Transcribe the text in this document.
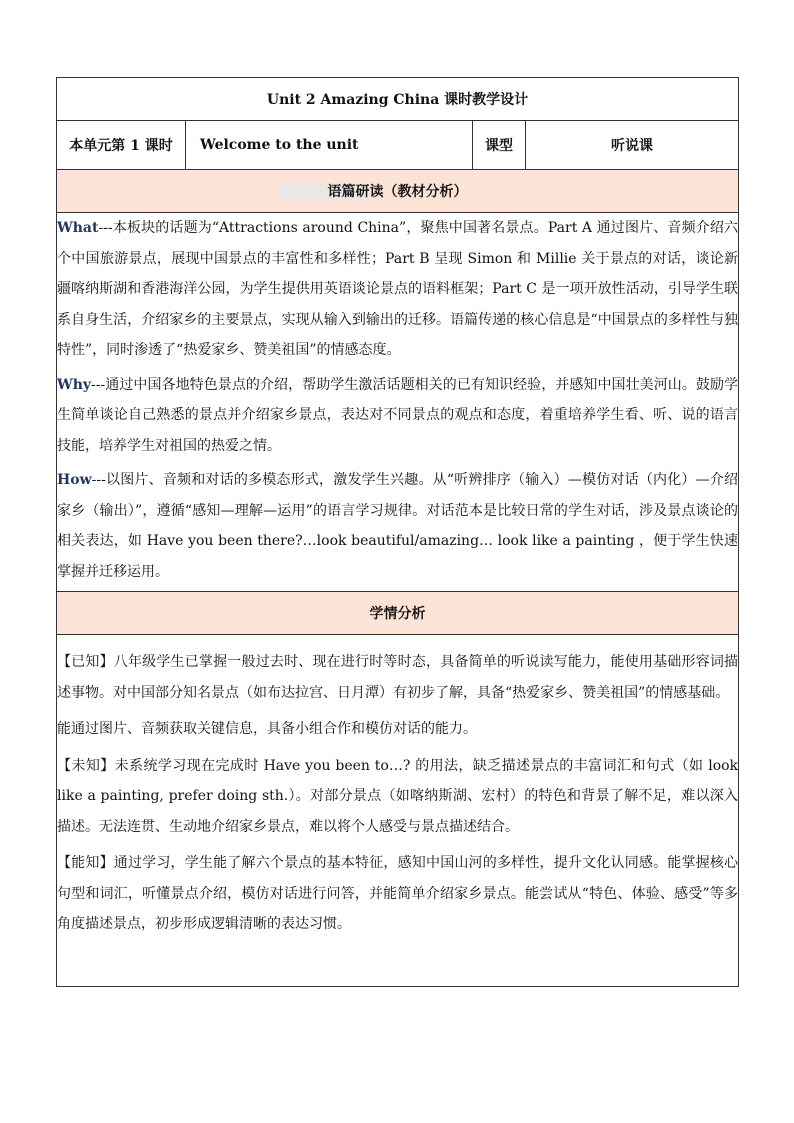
Unit 2 Amazing China 课时教学设计
本单元第 1 课时	Welcome to the unit	课型	听说课

语篇研读（教材分析）

What---本板块的话题为“Attractions around China”，聚焦中国著名景点。Part A 通过图片、音频介绍六个中国旅游景点，展现中国景点的丰富性和多样性；Part B 呈现 Simon 和 Millie 关于景点的对话，谈论新疆喀纳斯湖和香港海洋公园，为学生提供用英语谈论景点的语料框架；Part C 是一项开放性活动，引导学生联系自身生活，介绍家乡的主要景点，实现从输入到输出的迁移。语篇传递的核心信息是“中国景点的多样性与独特性”，同时渗透了“热爱家乡、赞美祖国”的情感态度。

Why---通过中国各地特色景点的介绍，帮助学生激活话题相关的已有知识经验，并感知中国壮美河山。鼓励学生简单谈论自己熟悉的景点并介绍家乡景点，表达对不同景点的观点和态度，着重培养学生看、听、说的语言技能，培养学生对祖国的热爱之情。

How---以图片、音频和对话的多模态形式，激发学生兴趣。从“听辨排序（输入）—模仿对话（内化）—介绍家乡（输出）”，遵循“感知—理解—运用”的语言学习规律。对话范本是比较日常的学生对话，涉及景点谈论的相关表达，如 Have you been there?…look beautiful/amazing… look like a painting ，便于学生快速掌握并迁移运用。

学情分析

【已知】八年级学生已掌握一般过去时、现在进行时等时态，具备简单的听说读写能力，能使用基础形容词描述事物。对中国部分知名景点（如布达拉宫、日月潭）有初步了解，具备“热爱家乡、赞美祖国”的情感基础。

能通过图片、音频获取关键信息，具备小组合作和模仿对话的能力。

【未知】未系统学习现在完成时 Have you been to…? 的用法，缺乏描述景点的丰富词汇和句式（如 look like a painting, prefer doing sth.）。对部分景点（如喀纳斯湖、宏村）的特色和背景了解不足，难以深入描述。无法连贯、生动地介绍家乡景点，难以将个人感受与景点描述结合。

【能知】通过学习，学生能了解六个景点的基本特征，感知中国山河的多样性，提升文化认同感。能掌握核心句型和词汇，听懂景点介绍，模仿对话进行问答，并能简单介绍家乡景点。能尝试从“特色、体验、感受”等多角度描述景点，初步形成逻辑清晰的表达习惯。
